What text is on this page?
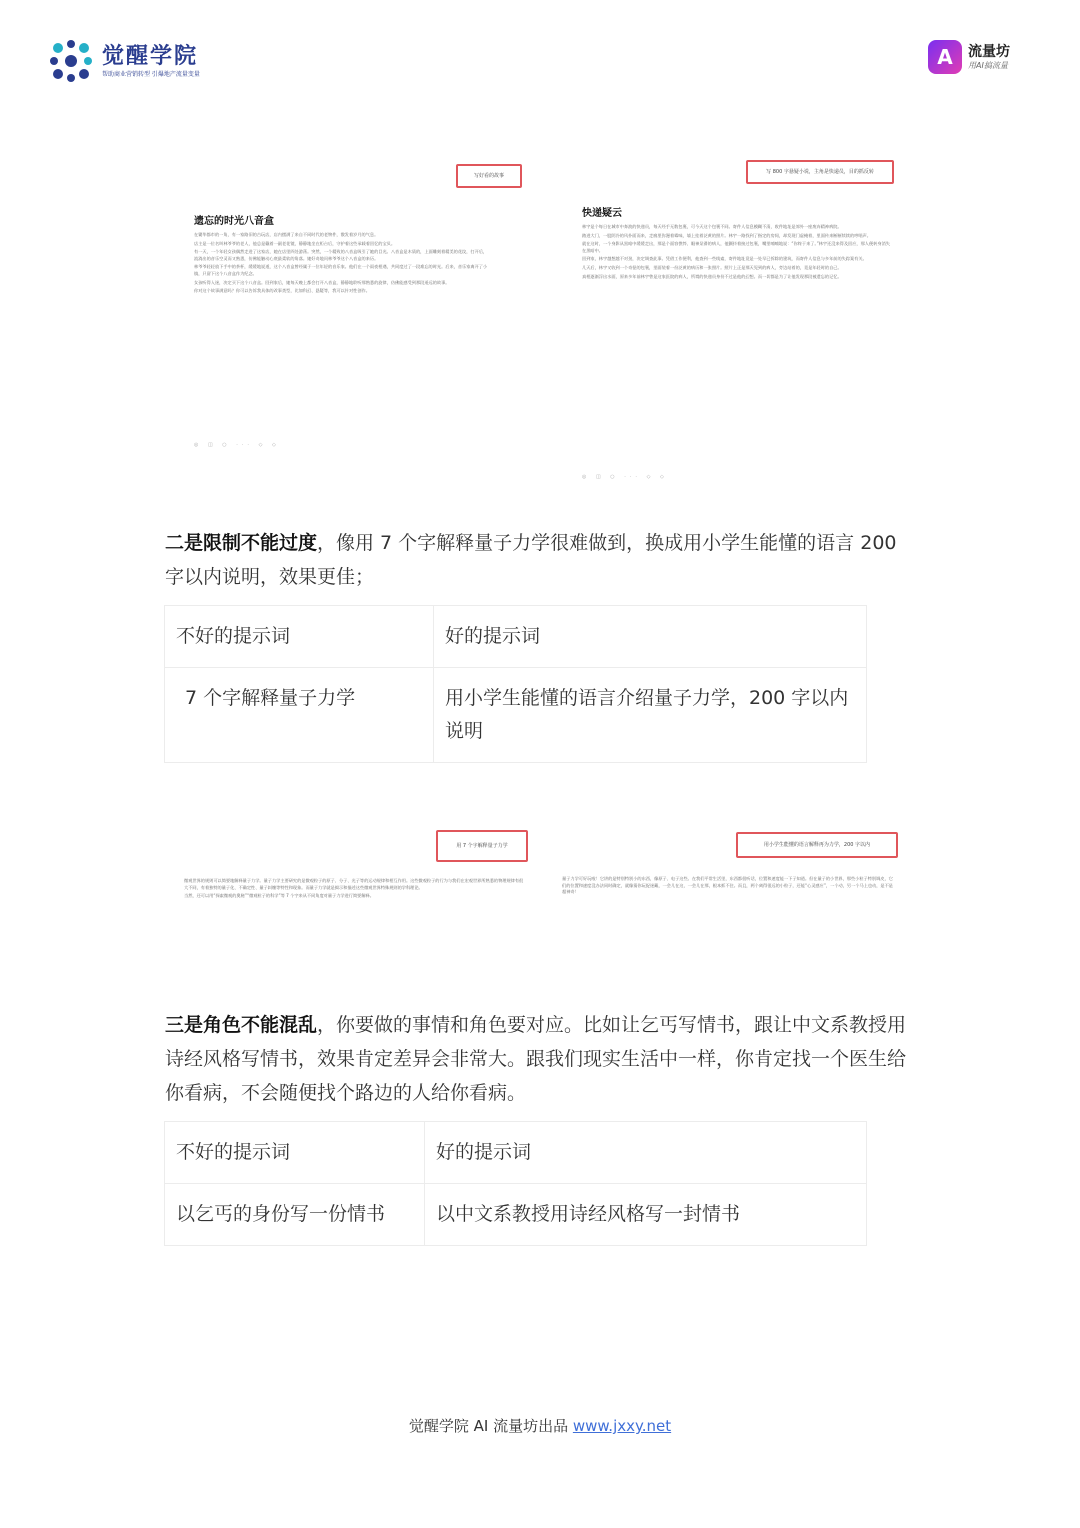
觉醒学院
帮助商业营销转型 引爆地产流量变量
A	流量坊
用AI搞流量
写好看的故事
遗忘的时光八音盒

在繁华都市的一角，有一家路旧的古玩店，店内摆满了来自不同时代的老物件，散发着岁月的气息。

店主是一位名叫林爷爷的老人，他总是戴着一副老花镜，静静地坐在柜台后，守护着这些承载着回忆的宝贝。

有一天，一个年轻女孩偶然走进了这家店，她在店里四处游荡。突然，一个精致的八音盒吸引了她的目光。八音盒是木质的，上面雕刻着精美的花纹，打开后，流淌出的音乐空灵而又熟悉，仿佛能触动心底最柔软的角落。她好奇地问林爷爷这个八音盒的来历。

林爷爷轻轻放下手中的茶杯，缓缓地说道，这个八音盒曾经属于一位年轻的音乐家。他们在一个雨夜相遇，共同度过了一段难忘的时光。后来，音乐家离开了小镇，只留下这个八音盒作为纪念。

女孩听得入迷，决定买下这个八音盒。回到家后，她每天晚上都会打开八音盒，静静地聆听那熟悉的旋律，仿佛能感受到那段遥远的故事。

你对这个故事满意吗？你可以告诉我具体的改事类型，比如科幻、悬疑等，我可以针对性创作。

◎ ◫ ○ ··· ◇ ◇
写 800 字悬疑小说，主角是快递员，目的抓反转
快递疑云

林宇是个每日在城市中奔波的快递员，每天经手无数包裹，可今天这个包裹不同。寄件人信息模糊不清，收件地址是郊外一座废弃精神病院。

踏进大门，一股阴冷的风扑面而来，走廊里弥漫着霉味，墙上挂着泛黄的照片。林宇一路找到了指定的房间，却发现门虚掩着，里面传来断断续续的哼唱声。

就在这时，一个身影从黑暗中缓缓走出，那是个面容憔悴、眼神呆滞的病人，他颤抖着接过包裹，嘴里喃喃地说：“你终于来了。”林宇还没来得及回应，那人便转身消失在黑暗中。

回到家，林宇越想越不对劲，决定调查此事。凭借工作便利，他查到一些线索，寄件地址竟是一处早已拆除的建筑，而寄件人信息与多年前的失踪案有关。

几天后，林宇又收到一个奇怪的包裹，里面装着一份泛黄的病历和一张照片。照片上正是那天见到的病人，旁边站着的，竟是年轻时的自己。

真相逐渐浮出水面，原来多年前林宇曾是这家医院的病人，所谓的快递员身份不过是他的幻想。而一切都是为了让他发现那段被遗忘的记忆。

◎ ◫ ○ ··· ◇ ◇
二是限制不能过度，像用 7 个字解释量子力学很难做到，换成用小学生能懂的语言 200 字以内说明，效果更佳；
不好的提示词	好的提示词
7 个字解释量子力学	用小学生能懂的语言介绍量子力学，200 字以内说明
用 7 个字解释量子力学

微观世界的规则可以简要地解释量子力学。量子力学主要研究的是微观粒子的原子、分子、光子等的运动规律和相互作用。这些微观粒子的行为与我们在宏观世界所熟悉的物理规律有很大不同，有着独特的量子化、不确定性、量子纠缠等特性和现象。而量子力学就是揭示和描述这些微观世界特殊规则的学科理论。

当然，还可以用“探索微观的奥秘”“微观粒子的科学”等 7 个字来从不同角度对量子力学进行简要解释。

用小学生能懂的语言解释再为力学，200 字以内

量子力学可好玩啦！它讲的是特别特别小的东西，像原子、电子这些。在我们平常生活里，东西都很听话，位置和速度能一下子知道。但在量子的小世界，那些小粒子特别调皮，它们的位置和速度没办法同时确定，就像猜你玩捉迷藏，一会儿在这，一会儿在那，根本抓不住。而且，两个离得很远的小粒子，还能“心灵感应”，一个动，另一个马上也动，是不是超神奇！

三是角色不能混乱，你要做的事情和角色要对应。比如让乞丐写情书，跟让中文系教授用诗经风格写情书，效果肯定差异会非常大。跟我们现实生活中一样，你肯定找一个医生给你看病，不会随便找个路边的人给你看病。
不好的提示词	好的提示词
以乞丐的身份写一份情书	以中文系教授用诗经风格写一封情书
觉醒学院 AI 流量坊出品 www.jxxy.net
